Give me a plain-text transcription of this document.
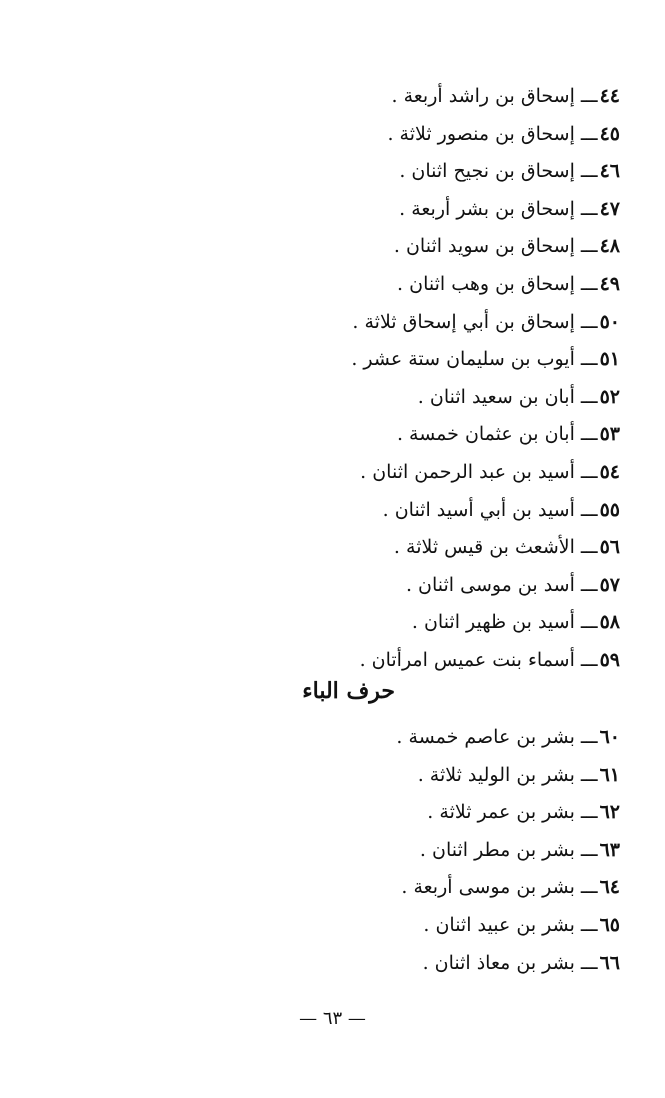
٤٤ـــإسحاق بن راشد أربعة .
٤٥ـــإسحاق بن منصور ثلاثة .
٤٦ـــإسحاق بن نجيح اثنان .
٤٧ـــإسحاق بن بشر أربعة .
٤٨ـــإسحاق بن سويد اثنان .
٤٩ـــإسحاق بن وهب اثنان .
٥٠ـــإسحاق بن أبي إسحاق ثلاثة .
٥١ـــأيوب بن سليمان ستة عشر .
٥٢ـــأبان بن سعيد اثنان .
٥٣ـــأبان بن عثمان خمسة .
٥٤ـــأسيد بن عبد الرحمن اثنان .
٥٥ـــأسيد بن أبي أسيد اثنان .
٥٦ـــالأشعث بن قيس ثلاثة .
٥٧ـــأسد بن موسى اثنان .
٥٨ـــأسيد بن ظهير اثنان .
٥٩ـــأسماء بنت عميس امرأتان .
حرف الباء
٦٠ـــبشر بن عاصم خمسة .
٦١ـــبشر بن الوليد ثلاثة .
٦٢ـــبشر بن عمر ثلاثة .
٦٣ـــبشر بن مطر اثنان .
٦٤ـــبشر بن موسى أربعة .
٦٥ـــبشر بن عبيد اثنان .
٦٦ـــبشر بن معاذ اثنان .
— ٦٣ —
